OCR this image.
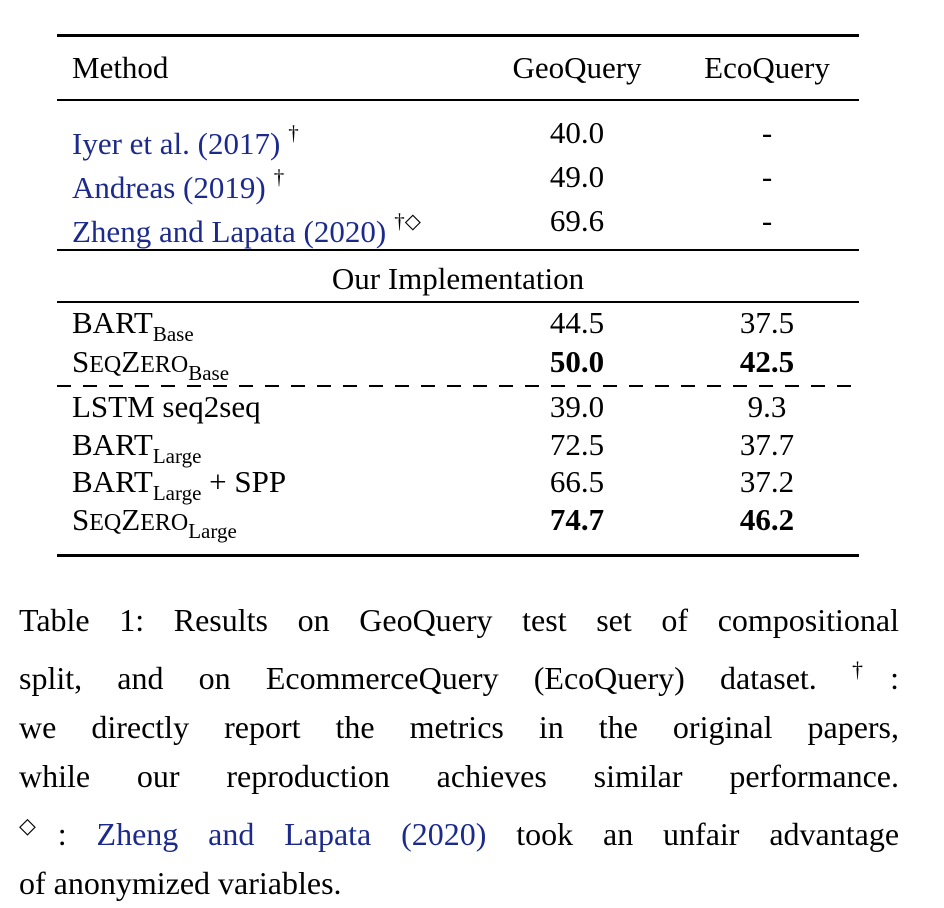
Method	GeoQuery	EcoQuery
Iyer et al. (2017) †	40.0	-
Andreas (2019) †	49.0	-
Zheng and Lapata (2020) †◇	69.6	-
Our Implementation
$BART_{Base}$	44.5	37.5
$SEQZERO_{Base}$	50.0	42.5
LSTM seq2seq	39.0	9.3
$BART_{Large}$	72.5	37.7
$BART_{Large}$ + SPP	66.5	37.2
$SEQZERO_{Large}$	74.7	46.2
Table 1: Results on GeoQuery test set of compositional
split, and on EcommerceQuery (EcoQuery) dataset. †:
we directly report the metrics in the original papers,
while our reproduction achieves similar performance.
◇: Zheng and Lapata (2020) took an unfair advantage
of anonymized variables.
